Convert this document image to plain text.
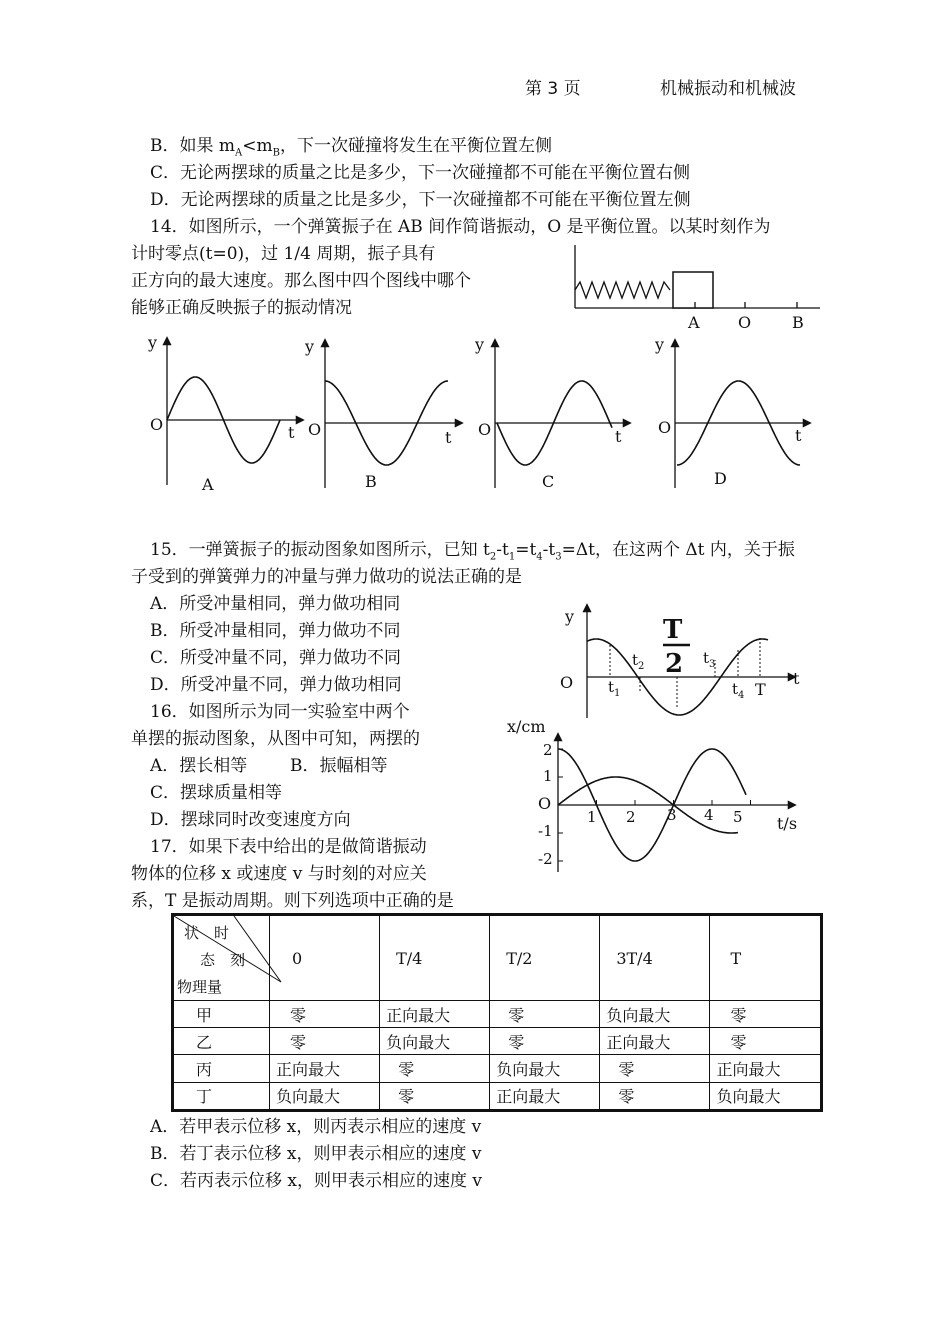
第 3 页	机械振动和机械波
B．如果 $m_A<m_B$，下一次碰撞将发生在平衡位置左侧
C．无论两摆球的质量之比是多少，下一次碰撞都不可能在平衡位置右侧
D．无论两摆球的质量之比是多少，下一次碰撞都不可能在平衡位置左侧
14．如图所示，一个弹簧振子在 AB 间作简谐振动，O 是平衡位置。以某时刻作为
计时零点(t=0)，过 1/4 周期，振子具有
正方向的最大速度。那么图中四个图线中哪个
能够正确反映振子的振动情况
A O	B
y
O	t
A
y
O	t
B
y
O	t
C
y
O	t
D
15．一弹簧振子的振动图象如图所示，已知 $t_2-t_1=t_4-t_3=\Delta t$，在这两个 Δt 内，关于振
子受到的弹簧弹力的冲量与弹力做功的说法正确的是
A．所受冲量相同，弹力做功相同
B．所受冲量相同，弹力做功不同
C．所受冲量不同，弹力做功不同
D．所受冲量不同，弹力做功相同
y
O	t
T
2
$t_1$
$t_2$	$t_3$
$t_4$ T
16．如图所示为同一实验室中两个
单摆的振动图象，从图中可知，两摆的
A．摆长相等	B．振幅相等
C．摆球质量相等
D．摆球同时改变速度方向
x/cm
O
t/s
2
1
-1
-2
1 2 3 4 5
17．如果下表中给出的是做简谐振动
物体的位移 x 或速度 v 与时刻的对应关
系，T 是振动周期。则下列选项中正确的是
状　时
态　刻
物理量	0	T/4	T/2	3T/4	T
甲	零	正向最大	零	负向最大	零
乙	零	负向最大	零	正向最大	零
丙	正向最大	零	负向最大	零	正向最大
丁	负向最大	零	正向最大	零	负向最大
A．若甲表示位移 x，则丙表示相应的速度 v
B．若丁表示位移 x，则甲表示相应的速度 v
C．若丙表示位移 x，则甲表示相应的速度 v
